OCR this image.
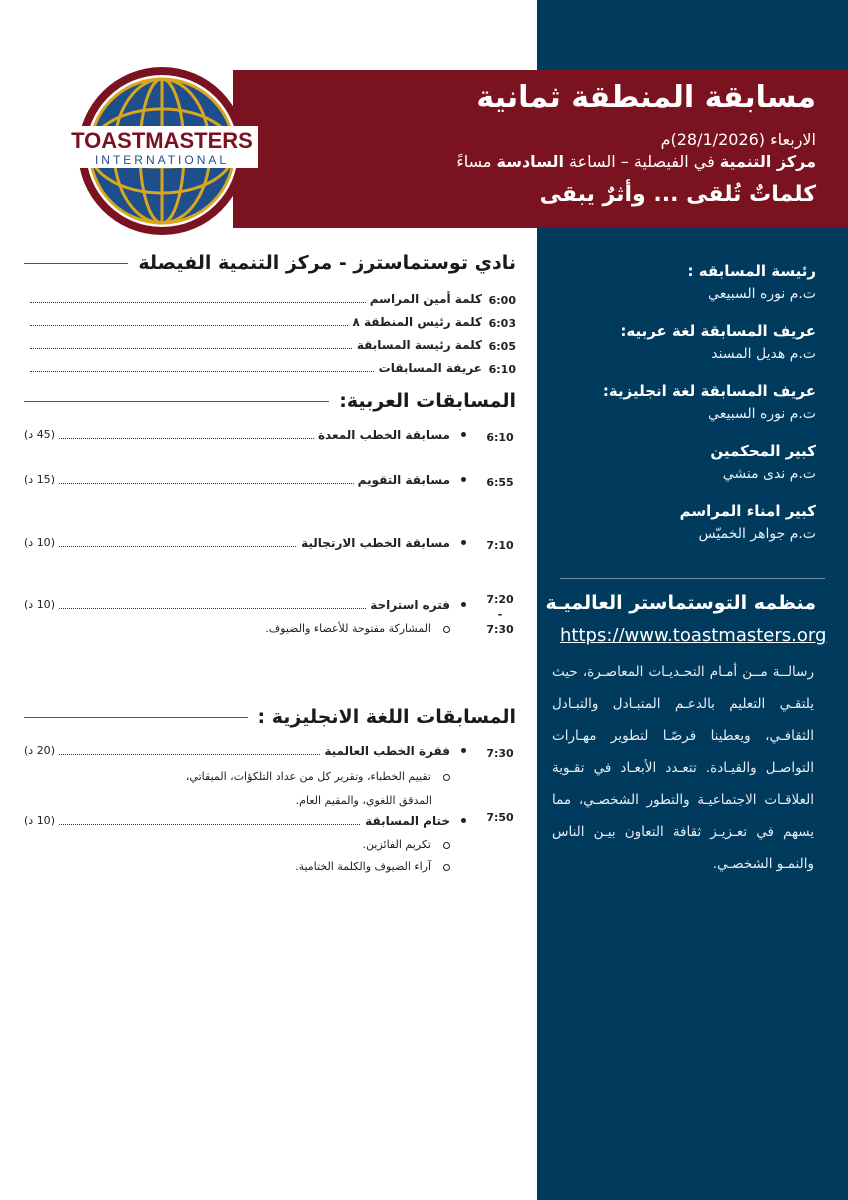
مسابقة المنطقة ثمانية
الاربعاء (28/1/2026)م
مركز التنمية في الفيصلية – الساعة السادسة مساءً
كلماتٌ تُلقى ... وأثرٌ يبقى
TOASTMASTERS
INTERNATIONAL
رئيسة المسابقه :
ت.م نوره السبيعي
عريف المسابقة لغة عربيه:
ت.م هديل المسند
عريف المسابقة لغة انجليزية:
ت.م نوره السبيعي
كبير المحكمين
ت.م ندى منشي
كبير امناء المراسم
ت.م جواهر الخميّس
منظمه التوستماستر العالميـة
https://www.toastmasters.org
رسالــة مــن أمـام التحـديـات المعاصـرة، حيث يلتقـي التعليم بالدعـم المتبـادل والتبـادل الثقافـي، ويعطينا فرصًـا لتطوير مهـارات التواصـل والقيـادة. تتعـدد الأبعـاد في تقـوية العلاقـات الاجتماعيـة والتطور الشخصـي، مما يسهم في تعـزيـز ثقافة التعاون بيـن الناس والنمـو الشخصـي.
نادي توستماسترز - مركز التنمية الفيصلة
6:00
كلمة أمين المراسم
6:03
كلمة رئيس المنطقة ٨
6:05
كلمة رئيسة المسابقة
6:10
عريفة المسابقات
المسابقات العربية:
6:10
مسابقة الخطب المعدة
(45 د)
6:55
مسابقة التقويم
(15 د)
7:10
مسابقة الخطب الارتجالية
(10 د)
7:20
-
7:30
فتره استراحة
(10 د)
المشاركة مفتوحة للأعضاء والضيوف.
المسابقات اللغة الانجليزية :
7:30
فقرة الخطب العالمية
(20 د)
تقييم الخطباء، وتقرير كل من عداد التلكؤات، الميقاتي،
المدقق اللغوي، والمقيم العام.
7:50
ختام المسابقة
(10 د)
تكريم الفائزين.
آراء الضيوف والكلمة الختامية.
